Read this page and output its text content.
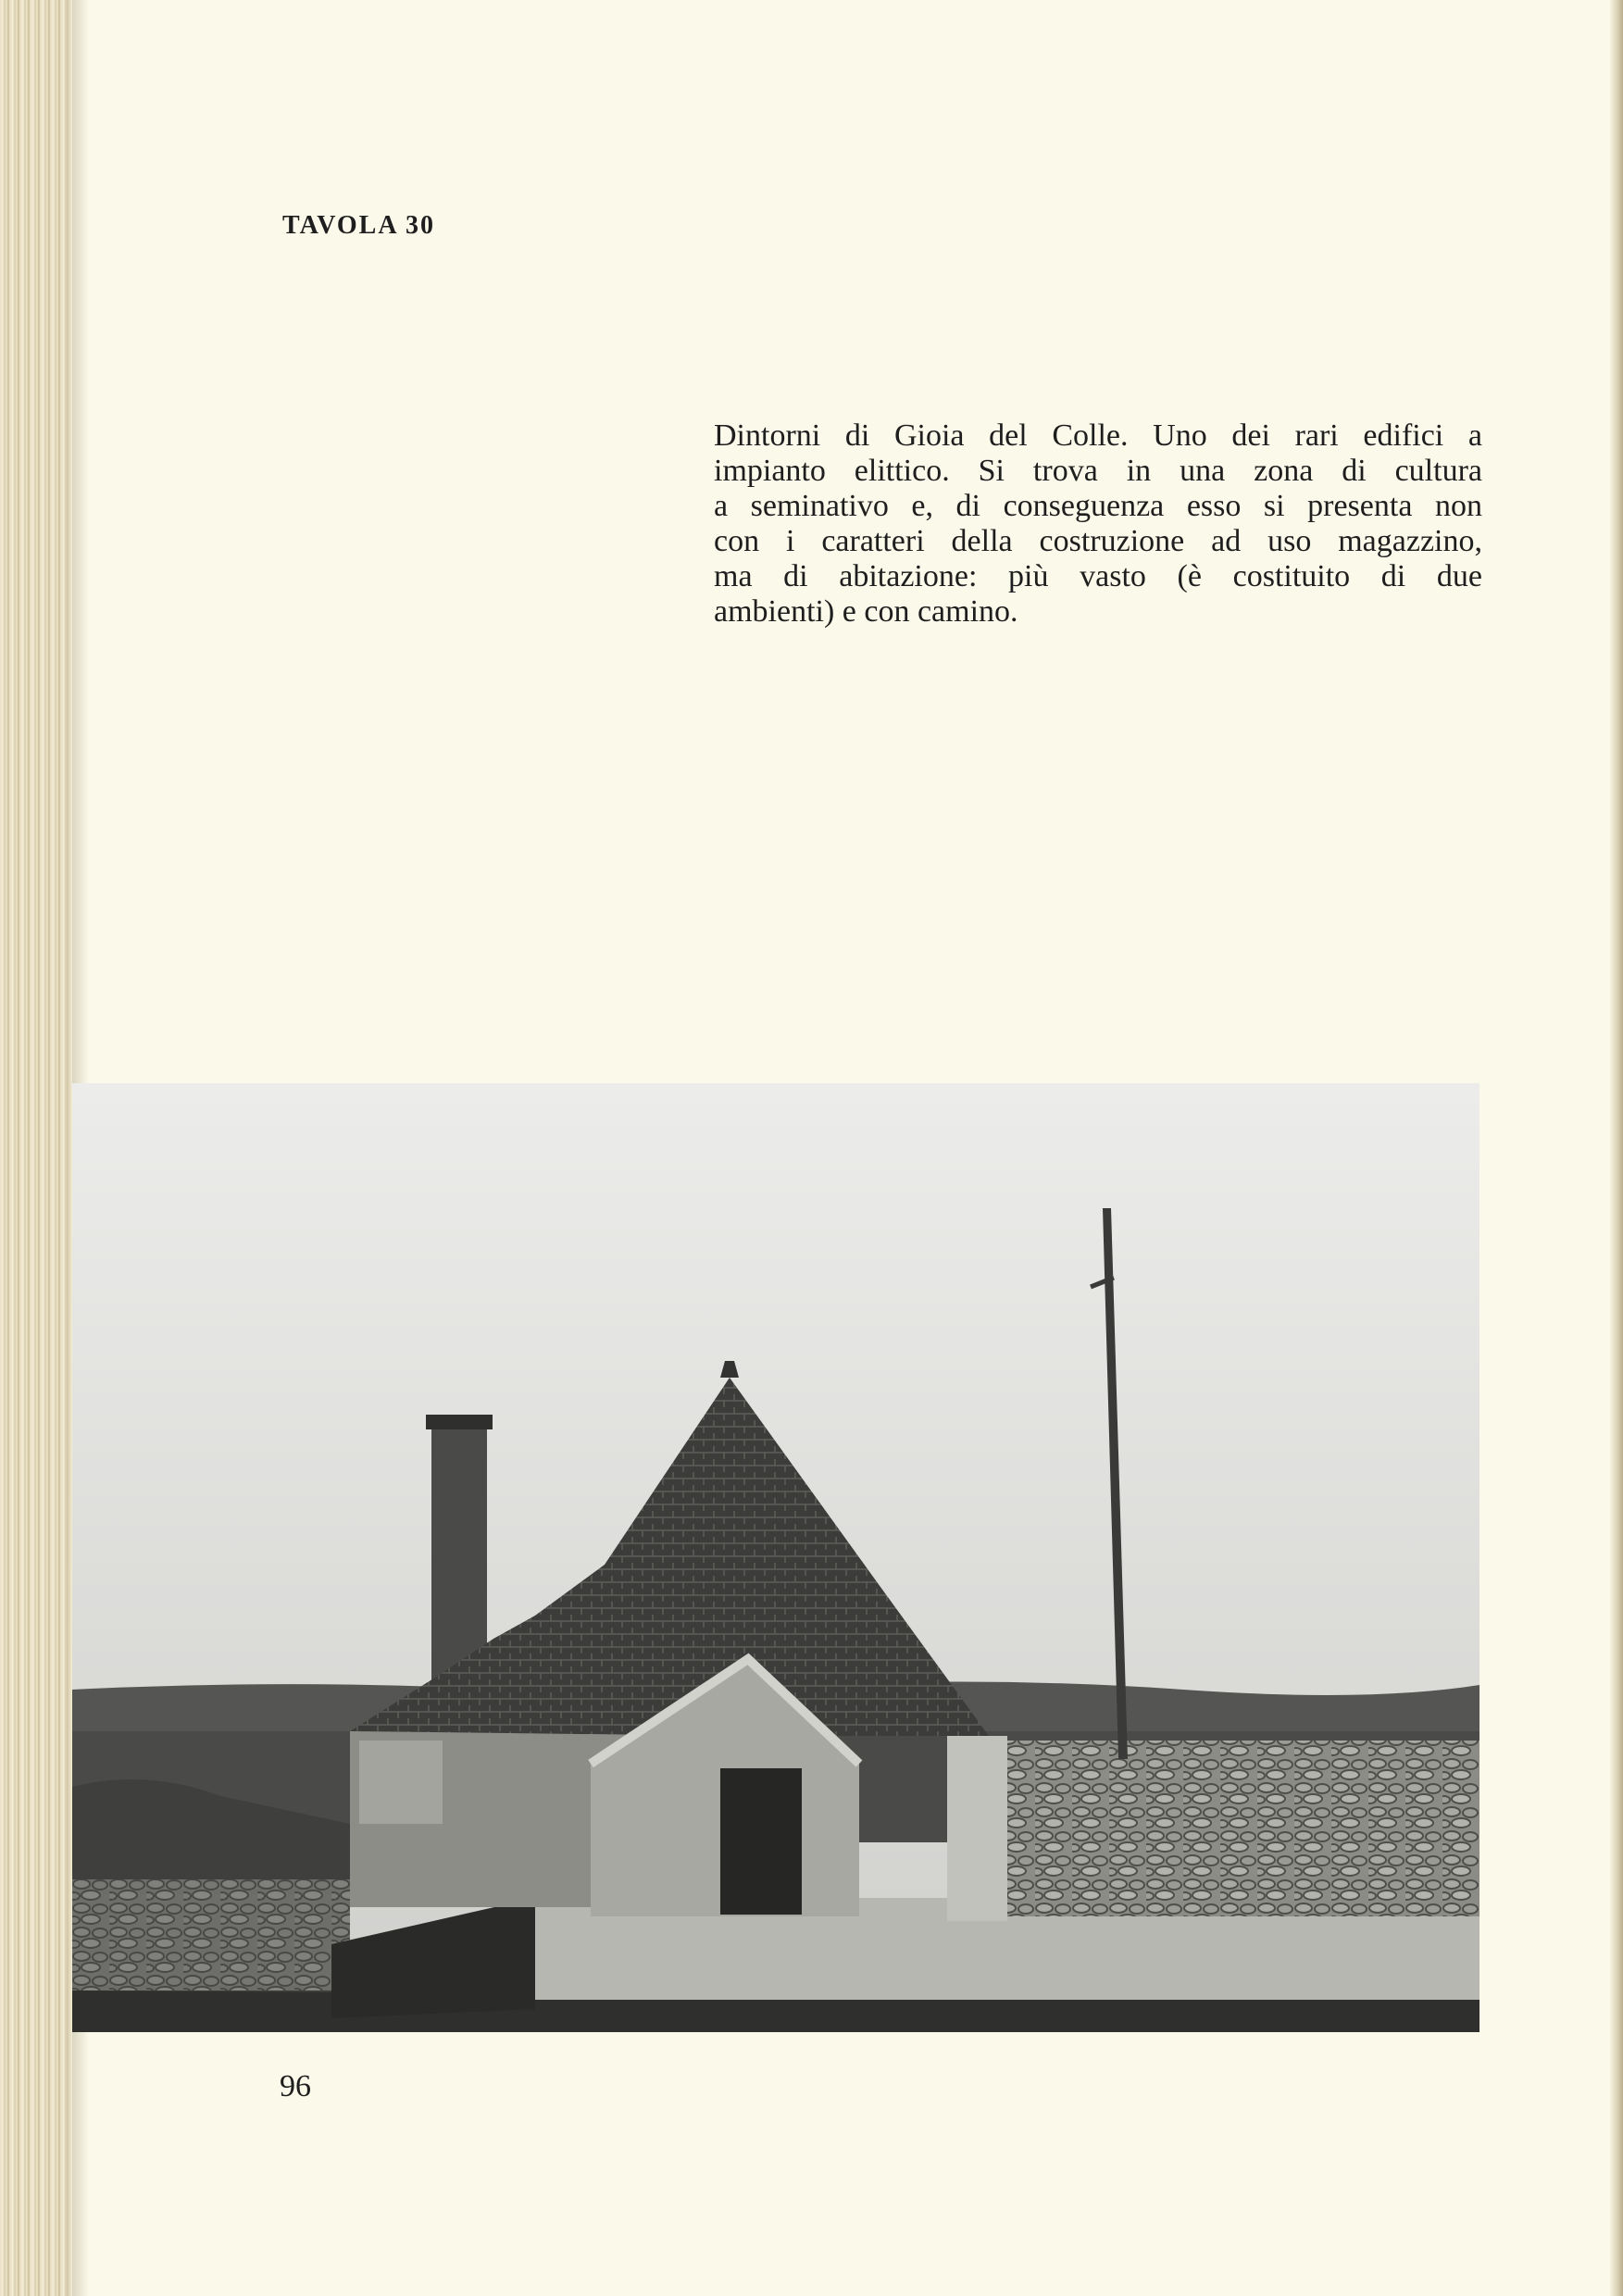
TAVOLA 30
Dintorni di Gioia del Colle. Uno dei rari edifici a
impianto elittico. Si trova in una zona di cultura
a seminativo e, di conseguenza esso si presenta non
con i caratteri della costruzione ad uso magazzino,
ma di abitazione: più vasto (è costituito di due
ambienti) e con camino.
96
